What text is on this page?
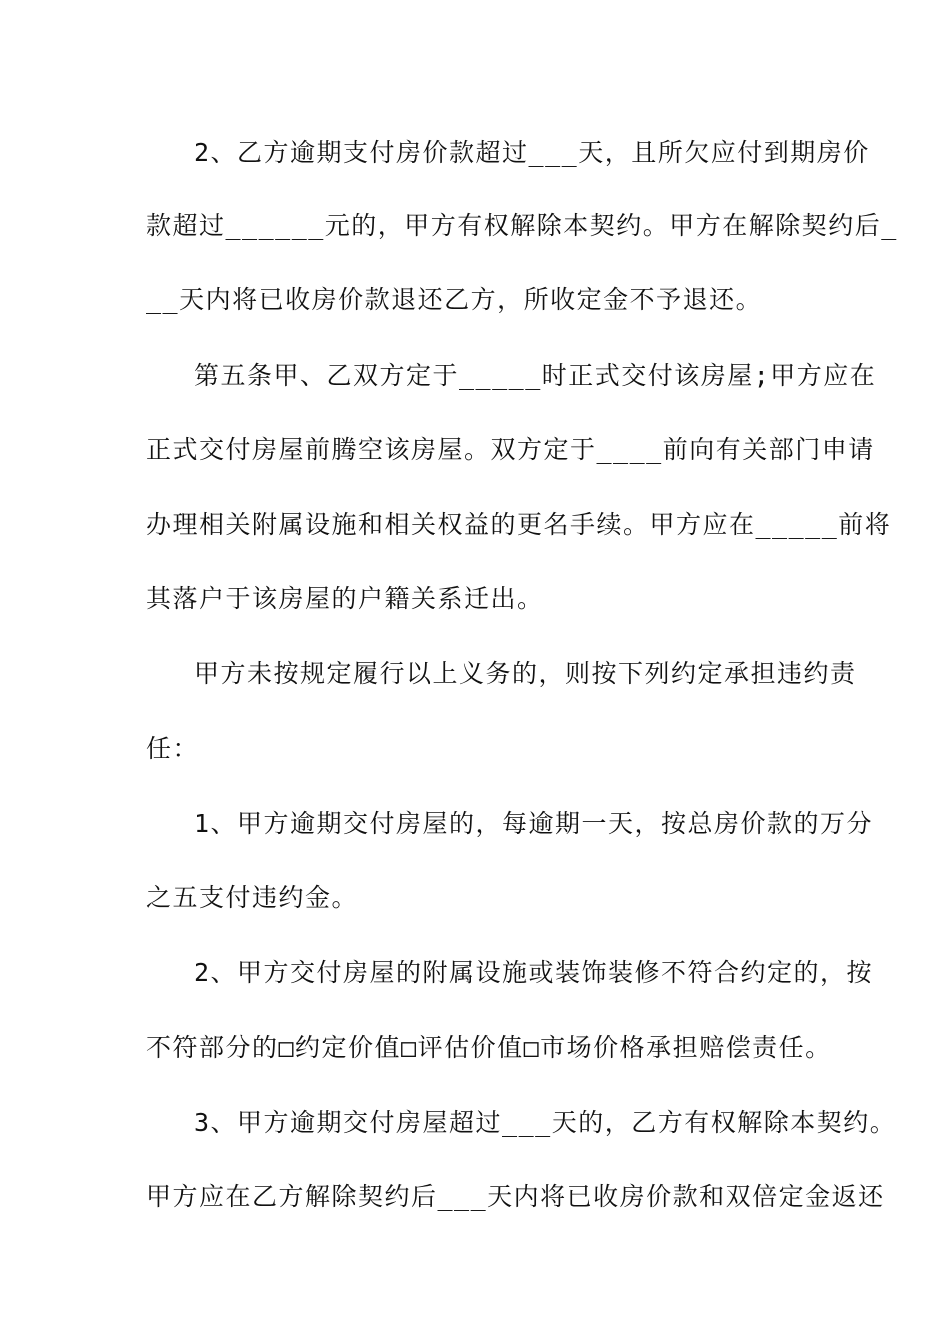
2、乙方逾期支付房价款超过___天，且所欠应付到期房价
款超过______元的，甲方有权解除本契约。甲方在解除契约后_
__天内将已收房价款退还乙方，所收定金不予退还。
第五条甲、乙双方定于_____时正式交付该房屋;甲方应在
正式交付房屋前腾空该房屋。双方定于____前向有关部门申请
办理相关附属设施和相关权益的更名手续。甲方应在_____前将
其落户于该房屋的户籍关系迁出。
甲方未按规定履行以上义务的，则按下列约定承担违约责
任：
1、甲方逾期交付房屋的，每逾期一天，按总房价款的万分
之五支付违约金。
2、甲方交付房屋的附属设施或装饰装修不符合约定的，按
不符部分的□约定价值□评估价值□市场价格承担赔偿责任。
3、甲方逾期交付房屋超过___天的，乙方有权解除本契约。
甲方应在乙方解除契约后___天内将已收房价款和双倍定金返还
